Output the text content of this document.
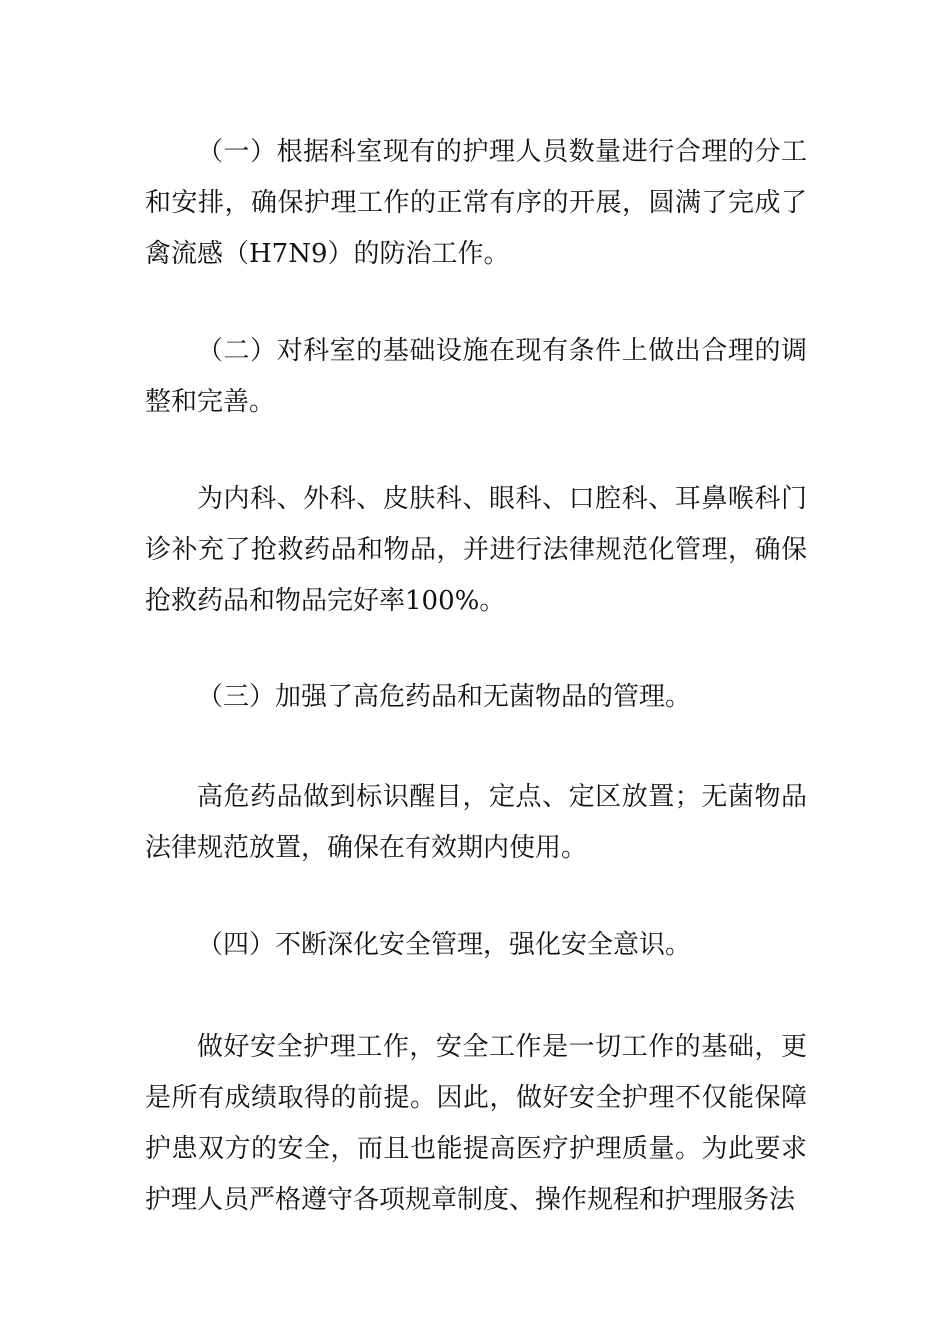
（一）根据科室现有的护理人员数量进行合理的分工和安排，确保护理工作的正常有序的开展，圆满了完成了禽流感（H7N9）的防治工作。

（二）对科室的基础设施在现有条件上做出合理的调整和完善。

为内科、外科、皮肤科、眼科、口腔科、耳鼻喉科门诊补充了抢救药品和物品，并进行法律规范化管理，确保抢救药品和物品完好率100%。

（三）加强了高危药品和无菌物品的管理。

高危药品做到标识醒目，定点、定区放置；无菌物品法律规范放置，确保在有效期内使用。

（四）不断深化安全管理，强化安全意识。

做好安全护理工作，安全工作是一切工作的基础，更是所有成绩取得的前提。因此，做好安全护理不仅能保障护患双方的安全，而且也能提高医疗护理质量。为此要求护理人员严格遵守各项规章制度、操作规程和护理服务法
